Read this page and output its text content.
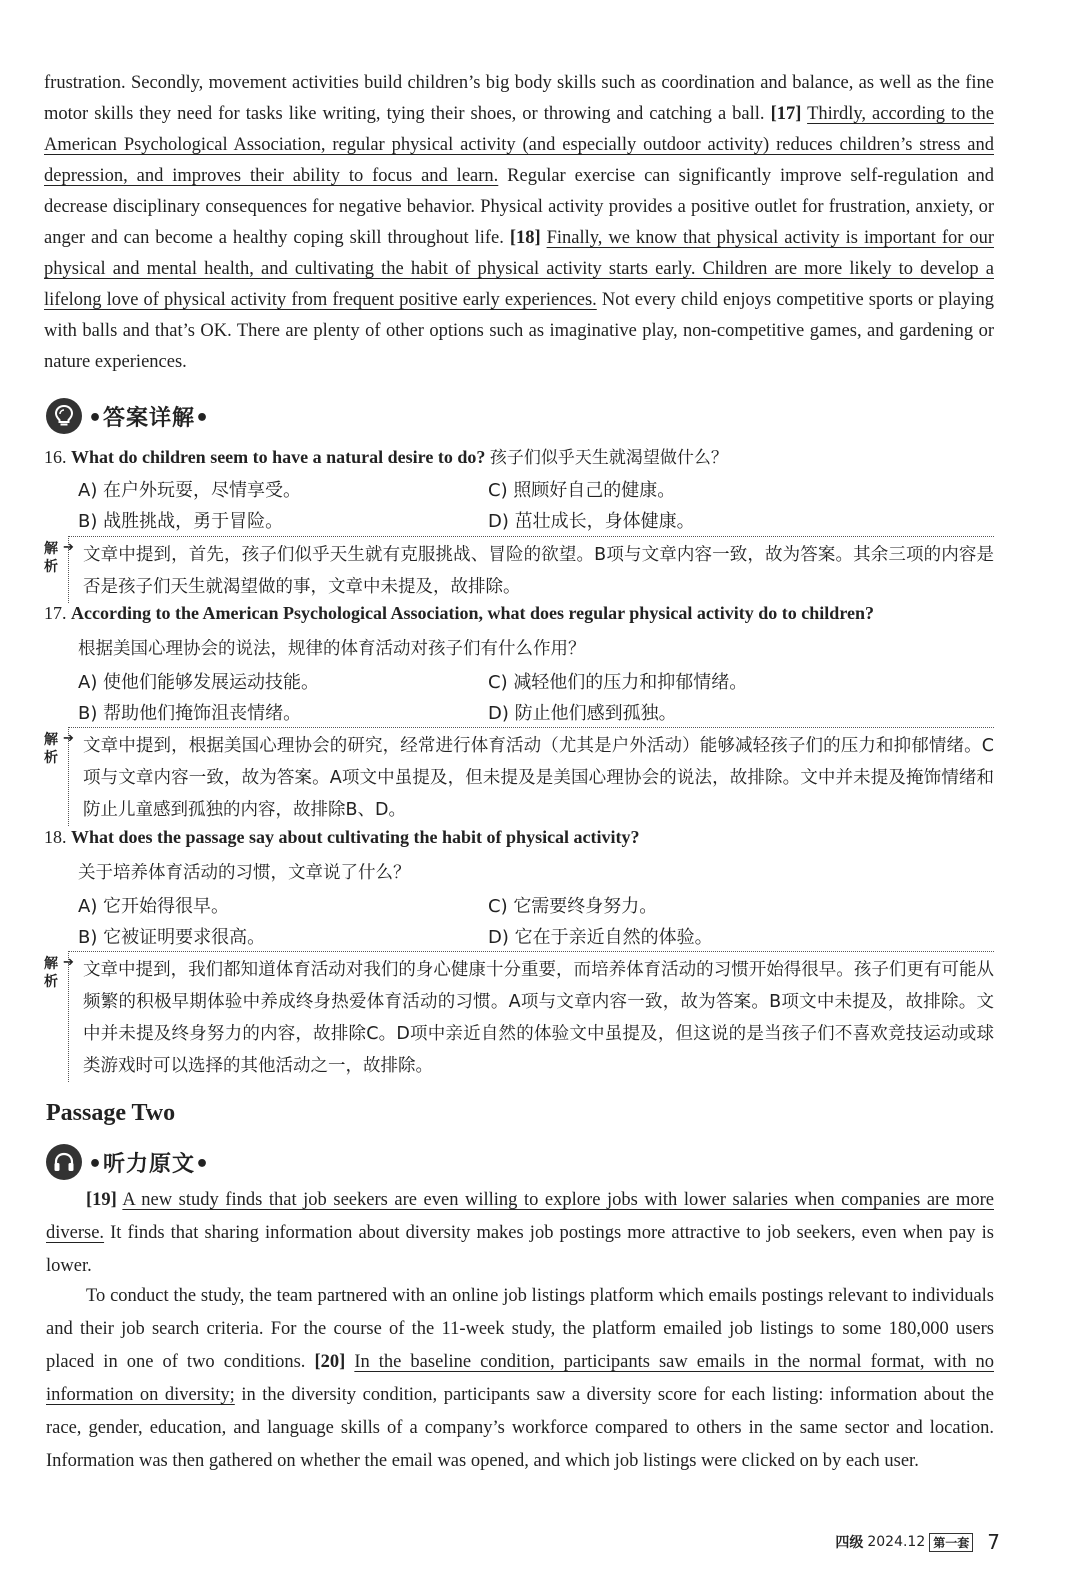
frustration. Secondly, movement activities build children’s big body skills such as coordination and balance, as well as the fine motor skills they need for tasks like writing, tying their shoes, or throwing and catching a ball. [17] Thirdly, according to the American Psychological Association, regular physical activity (and especially outdoor activity) reduces children’s stress and depression, and improves their ability to focus and learn. Regular exercise can significantly improve self-regulation and decrease disciplinary consequences for negative behavior. Physical activity provides a positive outlet for frustration, anxiety, or anger and can become a healthy coping skill throughout life. [18] Finally, we know that physical activity is important for our physical and mental health, and cultivating the habit of physical activity starts early. Children are more likely to develop a lifelong love of physical activity from frequent positive early experiences. Not every child enjoys competitive sports or playing with balls and that’s OK. There are plenty of other options such as imaginative play, non-competitive games, and gardening or nature experiences.
•答案详解•
16. What do children seem to have a natural desire to do? 孩子们似乎天生就渴望做什么？
A) 在户外玩耍，尽情享受。	C) 照顾好自己的健康。
B) 战胜挑战，勇于冒险。	D) 茁壮成长，身体健康。
解析
➔ 文章中提到，首先，孩子们似乎天生就有克服挑战、冒险的欲望。B项与文章内容一致，故为答案。其余三项的内容是否是孩子们天生就渴望做的事，文章中未提及，故排除。
17. According to the American Psychological Association, what does regular physical activity do to children?
根据美国心理协会的说法，规律的体育活动对孩子们有什么作用？
A) 使他们能够发展运动技能。	C) 减轻他们的压力和抑郁情绪。
B) 帮助他们掩饰沮丧情绪。	D) 防止他们感到孤独。
解析
➔ 文章中提到，根据美国心理协会的研究，经常进行体育活动（尤其是户外活动）能够减轻孩子们的压力和抑郁情绪。C项与文章内容一致，故为答案。A项文中虽提及，但未提及是美国心理协会的说法，故排除。文中并未提及掩饰情绪和防止儿童感到孤独的内容，故排除B、D。
18. What does the passage say about cultivating the habit of physical activity?
关于培养体育活动的习惯，文章说了什么？
A) 它开始得很早。	C) 它需要终身努力。
B) 它被证明要求很高。	D) 它在于亲近自然的体验。
解析
➔ 文章中提到，我们都知道体育活动对我们的身心健康十分重要，而培养体育活动的习惯开始得很早。孩子们更有可能从频繁的积极早期体验中养成终身热爱体育活动的习惯。A项与文章内容一致，故为答案。B项文中未提及，故排除。文中并未提及终身努力的内容，故排除C。D项中亲近自然的体验文中虽提及，但这说的是当孩子们不喜欢竞技运动或球类游戏时可以选择的其他活动之一，故排除。
Passage Two
•听力原文•
[19] A new study finds that job seekers are even willing to explore jobs with lower salaries when companies are more diverse. It finds that sharing information about diversity makes job postings more attractive to job seekers, even when pay is lower.
To conduct the study, the team partnered with an online job listings platform which emails postings relevant to individuals and their job search criteria. For the course of the 11-week study, the platform emailed job listings to some 180,000 users placed in one of two conditions. [20] In the baseline condition, participants saw emails in the normal format, with no information on diversity; in the diversity condition, participants saw a diversity score for each listing: information about the race, gender, education, and language skills of a company’s workforce compared to others in the same sector and location. Information was then gathered on whether the email was opened, and which job listings were clicked on by each user.
四级 2024.12 第一套 7
